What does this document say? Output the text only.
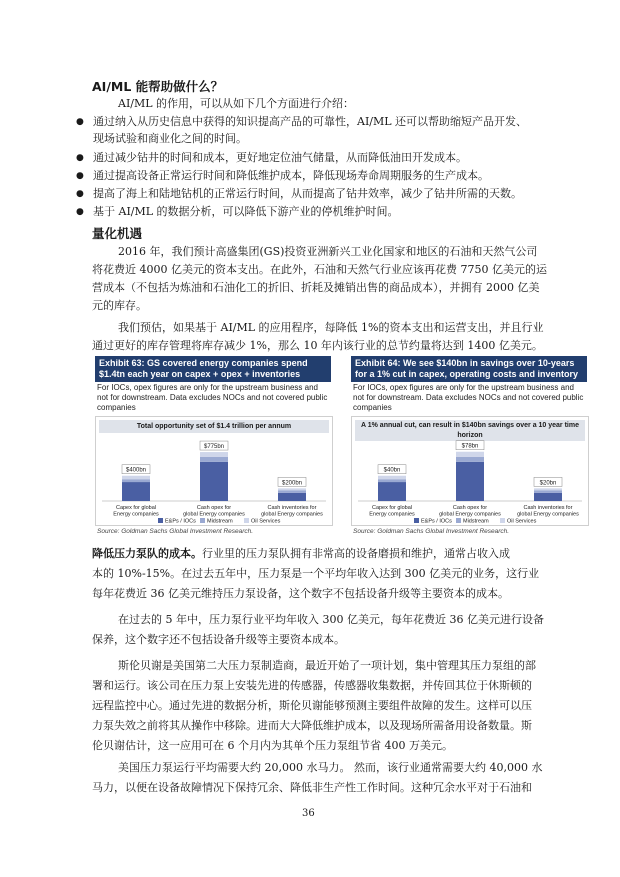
AI/ML 能帮助做什么？
AI/ML 的作用，可以从如下几个方面进行介绍：
● 通过纳入从历史信息中获得的知识提高产品的可靠性，AI/ML 还可以帮助缩短产品开发、
现场试验和商业化之间的时间。
● 通过减少钻井的时间和成本，更好地定位油气储量，从而降低油田开发成本。
● 通过提高设备正常运行时间和降低维护成本，降低现场寿命周期服务的生产成本。
● 提高了海上和陆地钻机的正常运行时间，从而提高了钻井效率，减少了钻井所需的天数。
● 基于 AI/ML 的数据分析，可以降低下游产业的停机维护时间。
量化机遇
2016 年，我们预计高盛集团(GS)投资亚洲新兴工业化国家和地区的石油和天然气公司
将花费近 4000 亿美元的资本支出。在此外，石油和天然气行业应该再花费 7750 亿美元的运
营成本（不包括为炼油和石油化工的折旧、折耗及摊销出售的商品成本），并拥有 2000 亿美
元的库存。
我们预估，如果基于 AI/ML 的应用程序，每降低 1%的资本支出和运营支出，并且行业
通过更好的库存管理将库存减少 1%，那么 10 年内该行业的总节约量将达到 1400 亿美元。
Exhibit 63: GS covered energy companies spend $1.4tn each year on capex + opex + inventories
For IOCs, opex figures are only for the upstream business and not for downstream. Data excludes NOCs and not covered public companies
Total opportunity set of $1.4 trillion per annum
$400bn
Capex for global
Energy companies
$775bn
Cash opex for
global Energy companies
$200bn
Cash inventories for
global Energy companies
E&Ps / IOCs Midstream	Oil Services
Source: Goldman Sachs Global Investment Research.
Exhibit 64: We see $140bn in savings over 10-years for a 1% cut in capex, operating costs and inventory
For IOCs, opex figures are only for the upstream business and not for downstream. Data excludes NOCs and not covered public companies
A 1% annual cut, can result in $140bn savings over a 10 year time horizon
$40bn
Capex for global
Energy companies
$78bn
Cash opex for
global Energy companies
$20bn
Cash inventories for
global Energy companies
E&Ps / IOCs Midstream	Oil Services
Source: Goldman Sachs Global Investment Research.
降低压力泵队的成本。行业里的压力泵队拥有非常高的设备磨损和维护，通常占收入成
本的 10%-15%。在过去五年中，压力泵是一个平均年收入达到 300 亿美元的业务，这行业
每年花费近 36 亿美元维持压力泵设备，这个数字不包括设备升级等主要资本的成本。
在过去的 5 年中，压力泵行业平均年收入 300 亿美元，每年花费近 36 亿美元进行设备
保养，这个数字还不包括设备升级等主要资本成本。
斯伦贝谢是美国第二大压力泵制造商，最近开始了一项计划，集中管理其压力泵组的部
署和运行。该公司在压力泵上安装先进的传感器，传感器收集数据，并传回其位于休斯顿的
远程监控中心。通过先进的数据分析，斯伦贝谢能够预测主要组件故障的发生。这样可以压
力泵失效之前将其从操作中移除。进而大大降低维护成本，以及现场所需备用设备数量。斯
伦贝谢估计，这一应用可在 6 个月内为其单个压力泵组节省 400 万美元。
美国压力泵运行平均需要大约 20,000 水马力。 然而，该行业通常需要大约 40,000 水
马力，以便在设备故障情况下保持冗余、降低非生产性工作时间。这种冗余水平对于石油和
36
